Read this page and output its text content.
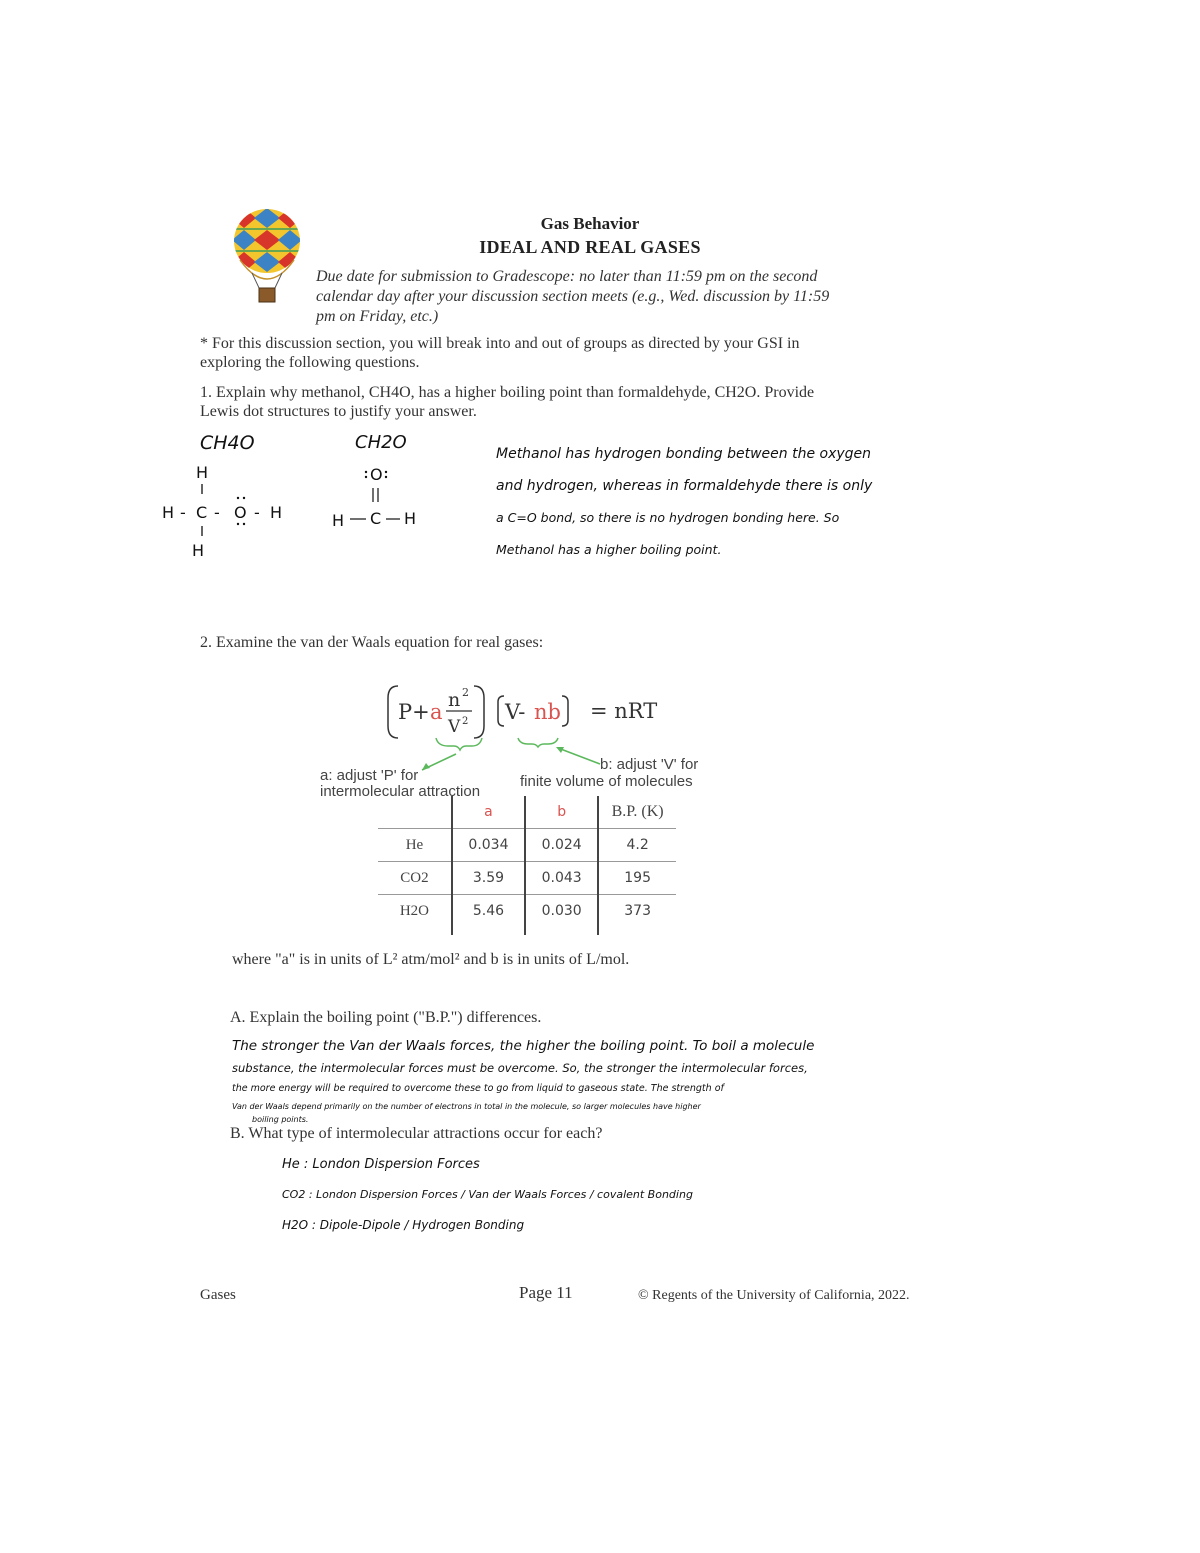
Gas Behavior
IDEAL AND REAL GASES
Due date for submission to Gradescope: no later than 11:59 pm on the second
calendar day after your discussion section meets (e.g., Wed. discussion by 11:59
pm on Friday, etc.)
* For this discussion section, you will break into and out of groups as directed by your GSI in
exploring the following questions.
1. Explain why methanol, CH4O, has a higher boiling point than formaldehyde, CH2O. Provide
Lewis dot structures to justify your answer.
CH4O
H
H - C - O - H
H
CH2O
O
H C H
Methanol has hydrogen bonding between the oxygen
and hydrogen, whereas in formaldehyde there is only
a C=O bond, so there is no hydrogen bonding here. So
Methanol has a higher boiling point.
2. Examine the van der Waals equation for real gases:
P+ a n 2
V 2 V- nb = nRT
b: adjust 'V' for
finite volume of molecules
a: adjust 'P' for
intermolecular attraction
	a	b	B.P. (K)
He	0.034	0.024	4.2
CO2	3.59	0.043	195
H2O	5.46	0.030	373

where "a" is in units of L² atm/mol² and b is in units of L/mol.
A. Explain the boiling point ("B.P.") differences.
The stronger the Van der Waals forces, the higher the boiling point. To boil a molecule
substance, the intermolecular forces must be overcome. So, the stronger the intermolecular forces,
the more energy will be required to overcome these to go from liquid to gaseous state. The strength of
Van der Waals depend primarily on the number of electrons in total in the molecule, so larger molecules have higher
boiling points.
B. What type of intermolecular attractions occur for each?
He : London Dispersion Forces
CO2 : London Dispersion Forces / Van der Waals Forces / covalent Bonding
H2O : Dipole-Dipole / Hydrogen Bonding
Gases	Page 11	© Regents of the University of California, 2022.
